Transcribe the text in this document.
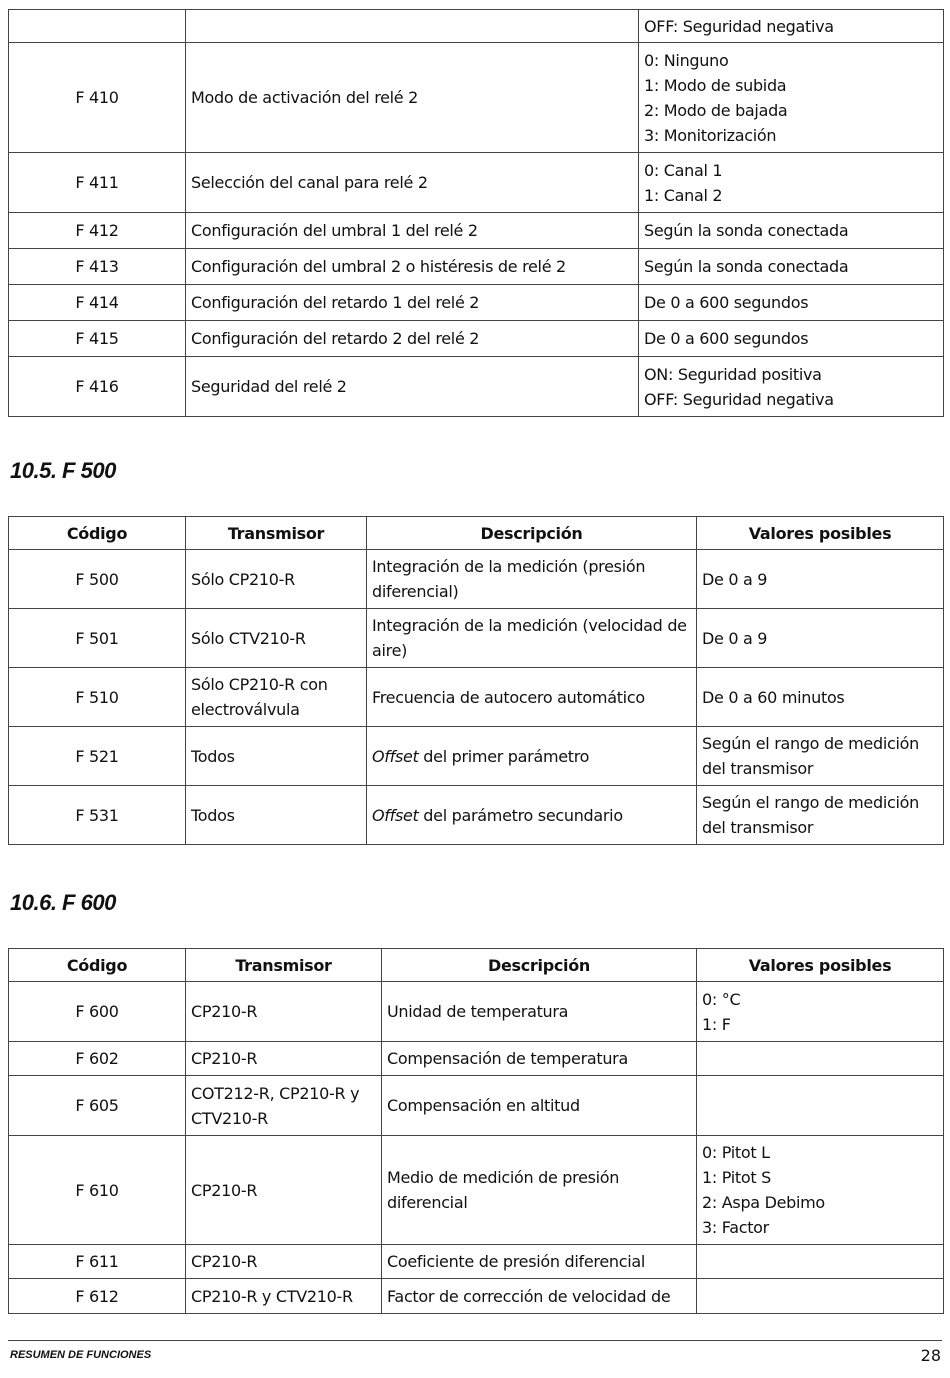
		OFF: Seguridad negativa
F 410	Modo de activación del relé 2	0: Ninguno
1: Modo de subida
2: Modo de bajada
3: Monitorización
F 411	Selección del canal para relé 2	0: Canal 1
1: Canal 2
F 412	Configuración del umbral 1 del relé 2	Según la sonda conectada
F 413	Configuración del umbral 2 o histéresis de relé 2	Según la sonda conectada
F 414	Configuración del retardo 1 del relé 2	De 0 a 600 segundos
F 415	Configuración del retardo 2 del relé 2	De 0 a 600 segundos
F 416	Seguridad del relé 2	ON: Seguridad positiva
OFF: Seguridad negativa
10.5. F 500
Código	Transmisor	Descripción	Valores posibles
F 500	Sólo CP210-R	Integración de la medición (presión diferencial)	De 0 a 9
F 501	Sólo CTV210-R	Integración de la medición (velocidad de aire)	De 0 a 9
F 510	Sólo CP210-R con electroválvula	Frecuencia de autocero automático	De 0 a 60 minutos
F 521	Todos	Offset del primer parámetro	Según el rango de medición del transmisor
F 531	Todos	Offset del parámetro secundario	Según el rango de medición del transmisor
10.6. F 600
Código	Transmisor	Descripción	Valores posibles
F 600	CP210-R	Unidad de temperatura	0: °C
1: F
F 602	CP210-R	Compensación de temperatura	
F 605	COT212-R, CP210-R y CTV210-R	Compensación en altitud	
F 610	CP210-R	Medio de medición de presión diferencial	0: Pitot L
1: Pitot S
2: Aspa Debimo
3: Factor
F 611	CP210-R	Coeficiente de presión diferencial	
F 612	CP210-R y CTV210-R	Factor de corrección de velocidad de	
RESUMEN DE FUNCIONES	28
